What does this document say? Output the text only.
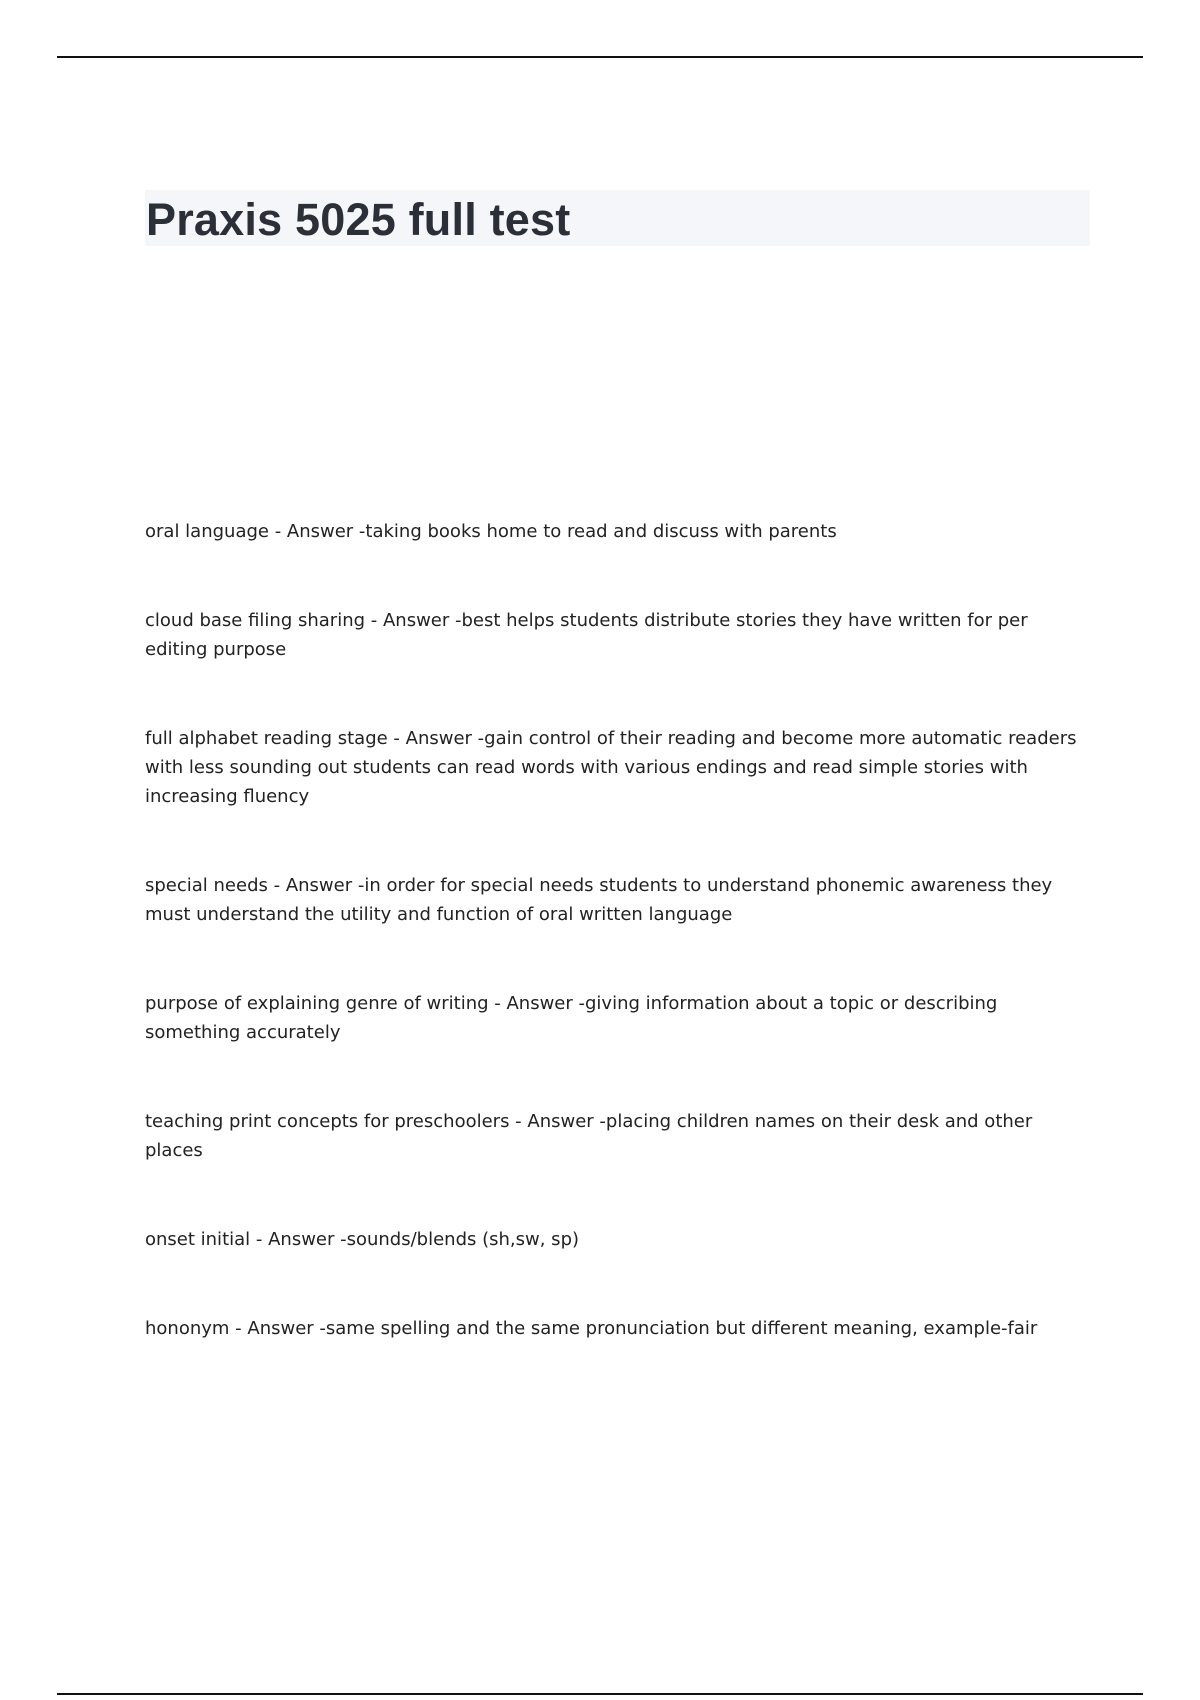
Praxis 5025 full test
oral language - Answer -taking books home to read and discuss with parents
cloud base filing sharing - Answer -best helps students distribute stories they have written for per editing purpose
full alphabet reading stage - Answer -gain control of their reading and become more automatic readers with less sounding out students can read words with various endings and read simple stories with increasing fluency
special needs - Answer -in order for special needs students to understand phonemic awareness they must understand the utility and function of oral written language
purpose of explaining genre of writing - Answer -giving information about a topic or describing something accurately
teaching print concepts for preschoolers - Answer -placing children names on their desk and other places
onset initial - Answer -sounds/blends (sh,sw, sp)
hononym - Answer -same spelling and the same pronunciation but different meaning, example-fair
